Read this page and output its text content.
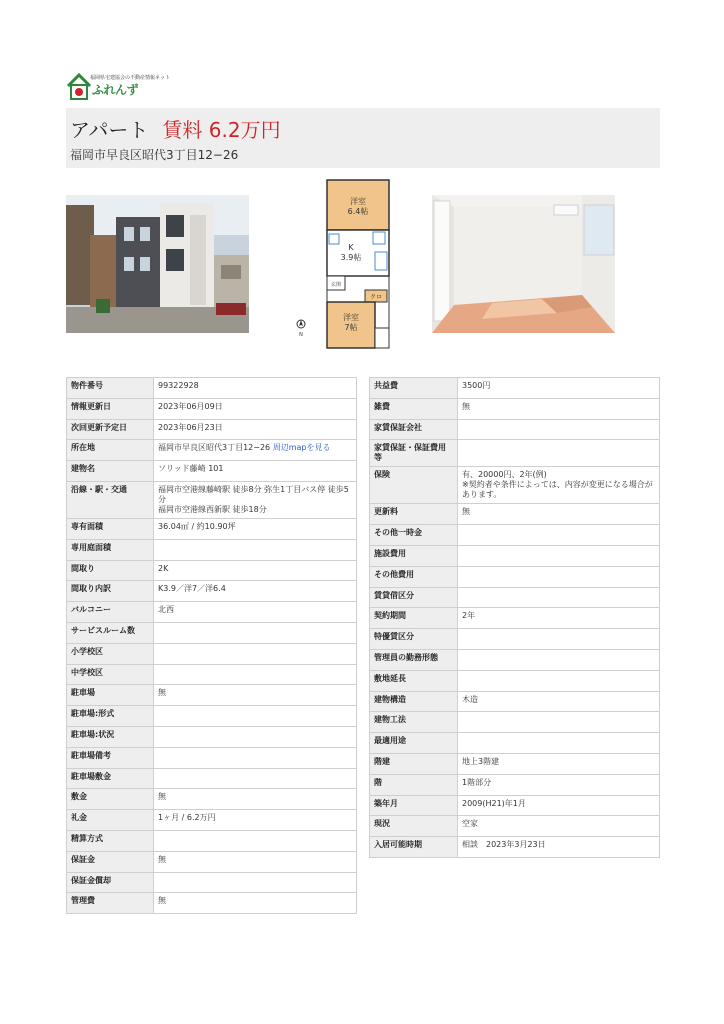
福岡県宅建協会の不動産情報ネット
ふれんず
アパート 賃料 6.2万円
福岡市早良区昭代3丁目12−26
洋室
6.4帖
K
3.9帖
玄関
クロ
洋室
7帖
N
物件番号	99322928
情報更新日	2023年06月09日
次回更新予定日	2023年06月23日
所在地	福岡市早良区昭代3丁目12−26 周辺mapを見る
建物名	ソリッド藤崎 101
沿線・駅・交通	福岡市空港線藤崎駅 徒歩8分 弥生1丁目バス停 徒歩5分
福岡市空港線西新駅 徒歩18分

専有面積	36.04㎡ / 約10.90坪
専用庭面積	
間取り	2K
間取り内訳	K3.9／洋7／洋6.4
バルコニー	北西
サービスルーム数	
小学校区	
中学校区	
駐車場	無
駐車場:形式	
駐車場:状況	
駐車場備考	
駐車場敷金	
敷金	無
礼金	1ヶ月 / 6.2万円
精算方式	
保証金	無
保証金償却	
管理費	無
共益費	3500円
雑費	無
家賃保証会社	
家賃保証・保証費用等	
保険	有、20000円、2年(例)
※契約者や条件によっては、内容が変更になる場合があります。

更新料	無
その他一時金	
施設費用	
その他費用	
賃貸借区分	
契約期間	2年
特優賃区分	
管理員の勤務形態	
敷地延長	
建物構造	木造
建物工法	
最適用途	
階建	地上3階建
階	1階部分
築年月	2009(H21)年1月
現況	空家
入居可能時期	相談　2023年3月23日
